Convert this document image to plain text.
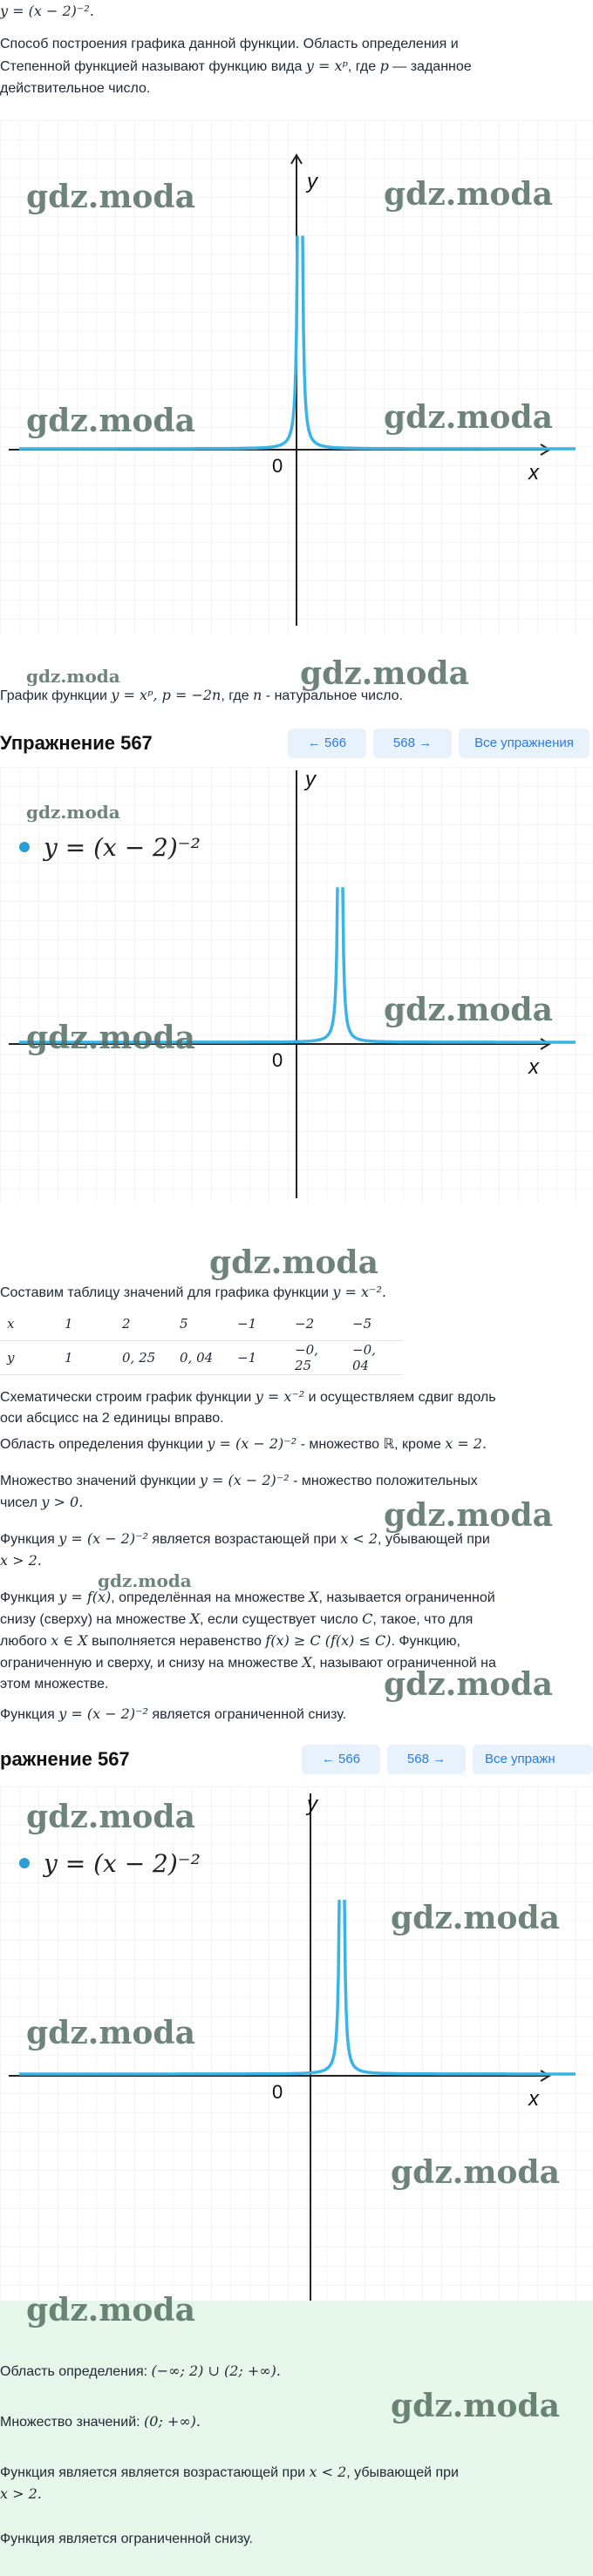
y = (x − 2)⁻².
Способ построения графика данной функции. Область определения и
Степенной функцией называют функцию вида y = xᵖ, где p — заданное
действительное число.
y
x
0
gdz.moda	gdz.moda
gdz.moda	gdz.moda
gdz.moda	gdz.moda
График функции y = xᵖ, p = −2n, где n - натуральное число.
Упражнение 567	← 566	568 →	Все упражнения
y = (x − 2)⁻²
y
x
0
gdz.moda
gdz.moda
gdz.moda
gdz.moda
Составим таблицу значений для графика функции y = x⁻².
x	1	2	5	−1	−2	−5
y	1	0, 25	0, 04	−1	−0, 25	−0, 04
Схематически строим график функции y = x⁻² и осуществляем сдвиг вдоль
оси абсцисс на 2 единицы вправо.
Область определения функции y = (x − 2)⁻² - множество ℝ, кроме x = 2.
Множество значений функции y = (x − 2)⁻² - множество положительных
чисел y > 0.
Функция y = (x − 2)⁻² является возрастающей при x < 2, убывающей при
x > 2.
Функция y = f(x), определённая на множестве X, называется ограниченной
снизу (сверху) на множестве X, если существует число C, такое, что для
любого x ∈ X выполняется неравенство f(x) ≥ C (f(x) ≤ C). Функцию,
ограниченную и сверху, и снизу на множестве X, называют ограниченной на
этом множестве.
Функция y = (x − 2)⁻² является ограниченной снизу.
gdz.moda
gdz.moda
gdz.moda
ражнение 567	← 566	568 →	Все упражн
y = (x − 2)⁻²
y
x
0
gdz.moda
gdz.moda
gdz.moda
gdz.moda
gdz.moda
gdz.moda
Область определения: (−∞; 2) ∪ (2; +∞).
Множество значений: (0; +∞).
Функция является является возрастающей при x < 2, убывающей при
x > 2.
Функция является ограниченной снизу.
